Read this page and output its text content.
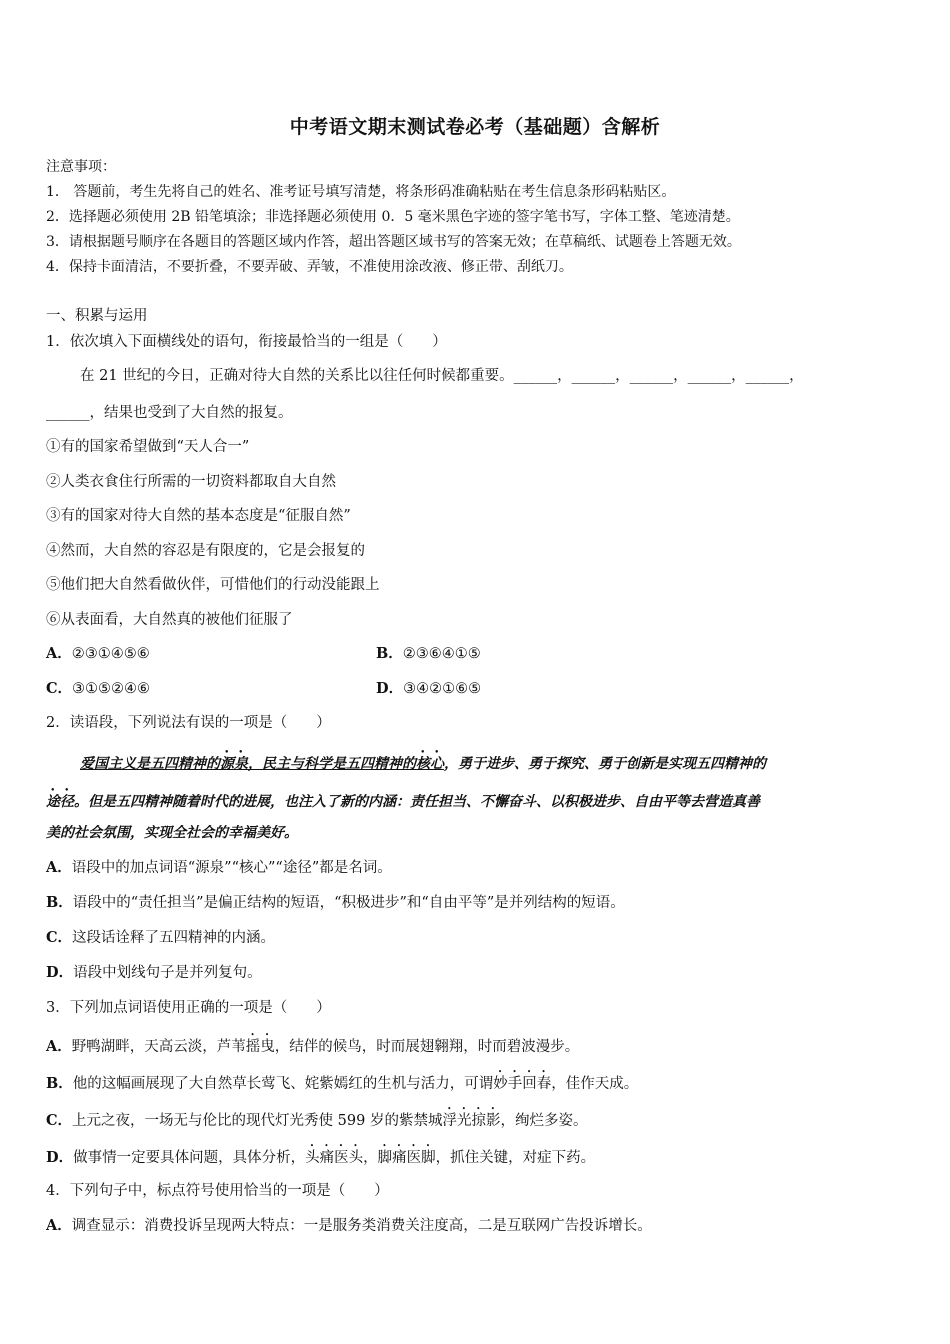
中考语文期末测试卷必考（基础题）含解析
注意事项：
1． 答题前，考生先将自己的姓名、准考证号填写清楚，将条形码准确粘贴在考生信息条形码粘贴区。
2．选择题必须使用 2B 铅笔填涂；非选择题必须使用 0．5 毫米黑色字迹的签字笔书写，字体工整、笔迹清楚。
3．请根据题号顺序在各题目的答题区域内作答，超出答题区域书写的答案无效；在草稿纸、试题卷上答题无效。
4．保持卡面清洁，不要折叠，不要弄破、弄皱，不准使用涂改液、修正带、刮纸刀。
一、积累与运用
1．依次填入下面横线处的语句，衔接最恰当的一组是（　　）
在 21 世纪的今日，正确对待大自然的关系比以往任何时候都重要。______，______，______，______，______，
______，结果也受到了大自然的报复。
①有的国家希望做到“天人合一”
②人类衣食住行所需的一切资料都取自大自然
③有的国家对待大自然的基本态度是“征服自然”
④然而，大自然的容忍是有限度的，它是会报复的
⑤他们把大自然看做伙伴，可惜他们的行动没能跟上
⑥从表面看，大自然真的被他们征服了
A．②③①④⑤⑥	B．②③⑥④①⑤
C．③①⑤②④⑥	D．③④②①⑥⑤
2．读语段，下列说法有误的一项是（　　）
爱国主义是五四精神的源泉，民主与科学是五四精神的核心，勇于进步、勇于探究、勇于创新是实现五四精神的
途径。但是五四精神随着时代的进展，也注入了新的内涵：责任担当、不懈奋斗、以积极进步、自由平等去营造真善
美的社会氛围，实现全社会的幸福美好。
A．语段中的加点词语“源泉”“核心”“途径”都是名词。
B．语段中的“责任担当”是偏正结构的短语，“积极进步”和“自由平等”是并列结构的短语。
C．这段话诠释了五四精神的内涵。
D．语段中划线句子是并列复句。
3．下列加点词语使用正确的一项是（　　）
A．野鸭湖畔，天高云淡，芦苇摇曳，结伴的候鸟，时而展翅翱翔，时而碧波漫步。
B．他的这幅画展现了大自然草长莺飞、姹紫嫣红的生机与活力，可谓妙手回春，佳作天成。
C．上元之夜，一场无与伦比的现代灯光秀使 599 岁的紫禁城浮光掠影，绚烂多姿。
D．做事情一定要具体问题，具体分析，头痛医头，脚痛医脚，抓住关键，对症下药。
4．下列句子中，标点符号使用恰当的一项是（　　）
A．调查显示：消费投诉呈现两大特点：一是服务类消费关注度高，二是互联网广告投诉增长。
